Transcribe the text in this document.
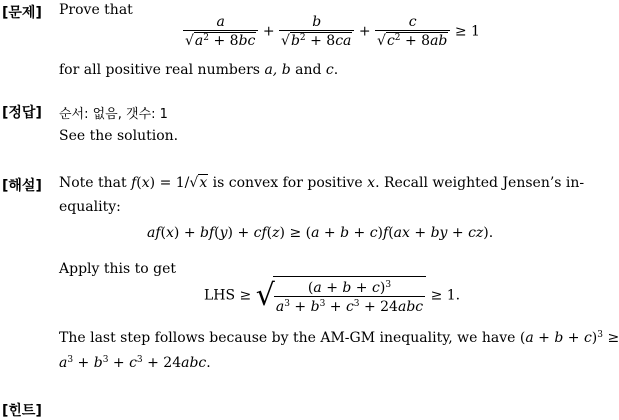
[문제] Prove that
$\frac{a}{√a^2 + 8bc} + \frac{b}{√b^2 + 8ca} + \frac{c}{√c^2 + 8ab} \ge 1$
for all positive real numbers a, b and c.
[정답] 순서: 없음, 갯수: 1
See the solution.
[해설] Note that f(x) = 1/√x is convex for positive x. Recall weighted Jensen’s in-
equality:
af(x) + bf(y) + cf(z) ≥ (a + b + c)f(ax + by + cz).
Apply this to get
LHS ≥ √
$\frac{(a + b + c)^3}{a^3 + b^3 + c^3 + 24abc} \ge 1$.
The last step follows because by the AM-GM inequality, we have $(a + b + c)^3$ ≥
$a^3 + b^3 + c^3 + 24abc$.
[힌트]
